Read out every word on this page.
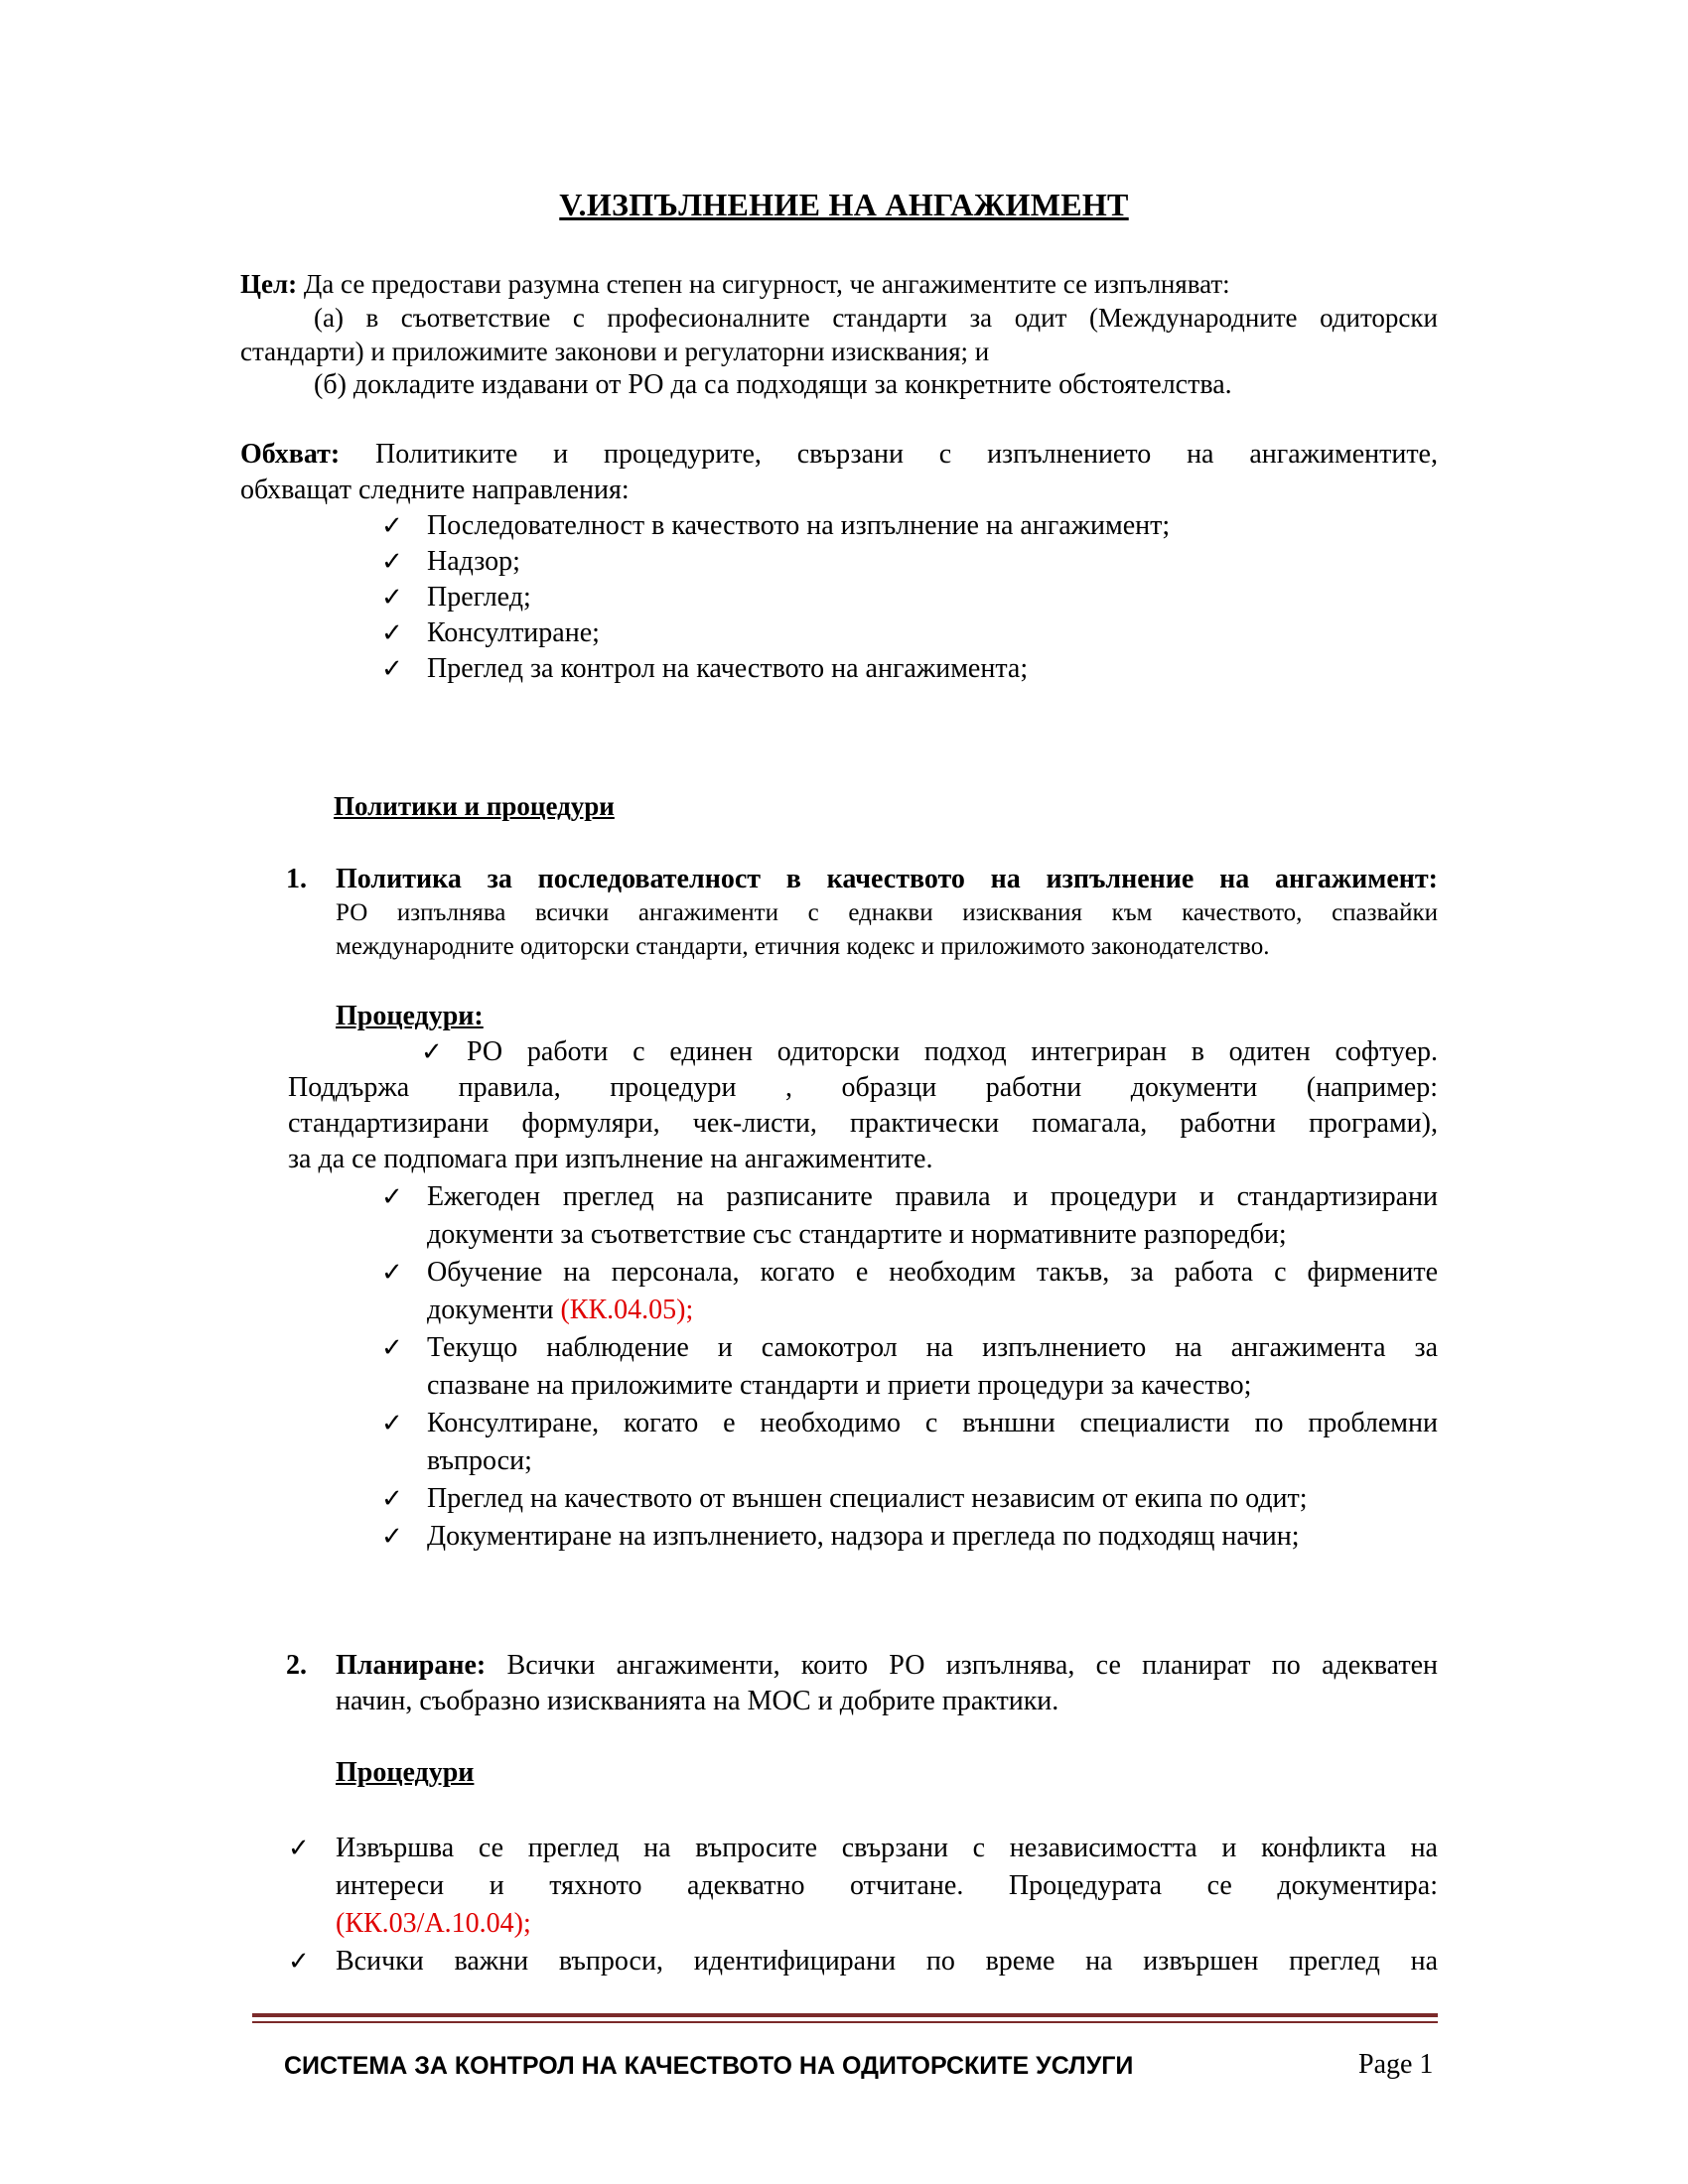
V.ИЗПЪЛНЕНИЕ НА АНГАЖИМЕНТ
Цел: Да се предостави разумна степен на сигурност, че ангажиментите се изпълняват:
(а) в съответствие с професионалните стандарти за одит (Международните одиторски
стандарти) и приложимите законови и регулаторни изисквания; и
(б) докладите издавани от РО да са подходящи за конкретните обстоятелства.
Обхват: Политиките и процедурите, свързани с изпълнението на ангажиментите,
обхващат следните направления:
✓ Последователност в качеството на изпълнение на ангажимент;
✓ Надзор;
✓ Преглед;
✓ Консултиране;
✓ Преглед за контрол на качеството на ангажимента;
Политики и процедури
1. Политика за последователност в качеството на изпълнение на ангажимент:
РО изпълнява всички ангажименти с еднакви изисквания към качеството, спазвайки
международните одиторски стандарти, етичния кодекс и приложимото законодателство.
Процедури:
✓ РО работи с единен одиторски подход интегриран в одитен софтуер.
Поддържа правила, процедури , образци работни документи (например:
стандартизирани формуляри, чек-листи, практически помагала, работни програми),
за да се подпомага при изпълнение на ангажиментите.
✓ Ежегоден преглед на разписаните правила и процедури и стандартизирани
документи за съответствие със стандартите и нормативните разпоредби;
✓ Обучение на персонала, когато е необходим такъв, за работа с фирмените
документи (КК.04.05);
✓ Текущо наблюдение и самокотрол на изпълнението на ангажимента за
спазване на приложимите стандарти и приети процедури за качество;
✓ Консултиране, когато е необходимо с външни специалисти по проблемни
въпроси;
✓ Преглед на качеството от външен специалист независим от екипа по одит;
✓ Документиране на изпълнението, надзора и прегледа по подходящ начин;
2. Планиране: Всички ангажименти, които РО изпълнява, се планират по адекватен
начин, съобразно изискванията на МОС и добрите практики.
Процедури
✓ Извършва се преглед на въпросите свързани с независимостта и конфликта на
интереси и тяхното адекватно отчитане. Процедурата се документира:
(КК.03/А.10.04);
✓ Всички важни въпроси, идентифицирани по време на извършен преглед на
СИСТЕМА ЗА КОНТРОЛ НА КАЧЕСТВОТО НА ОДИТОРСКИТЕ УСЛУГИ	Page 1
